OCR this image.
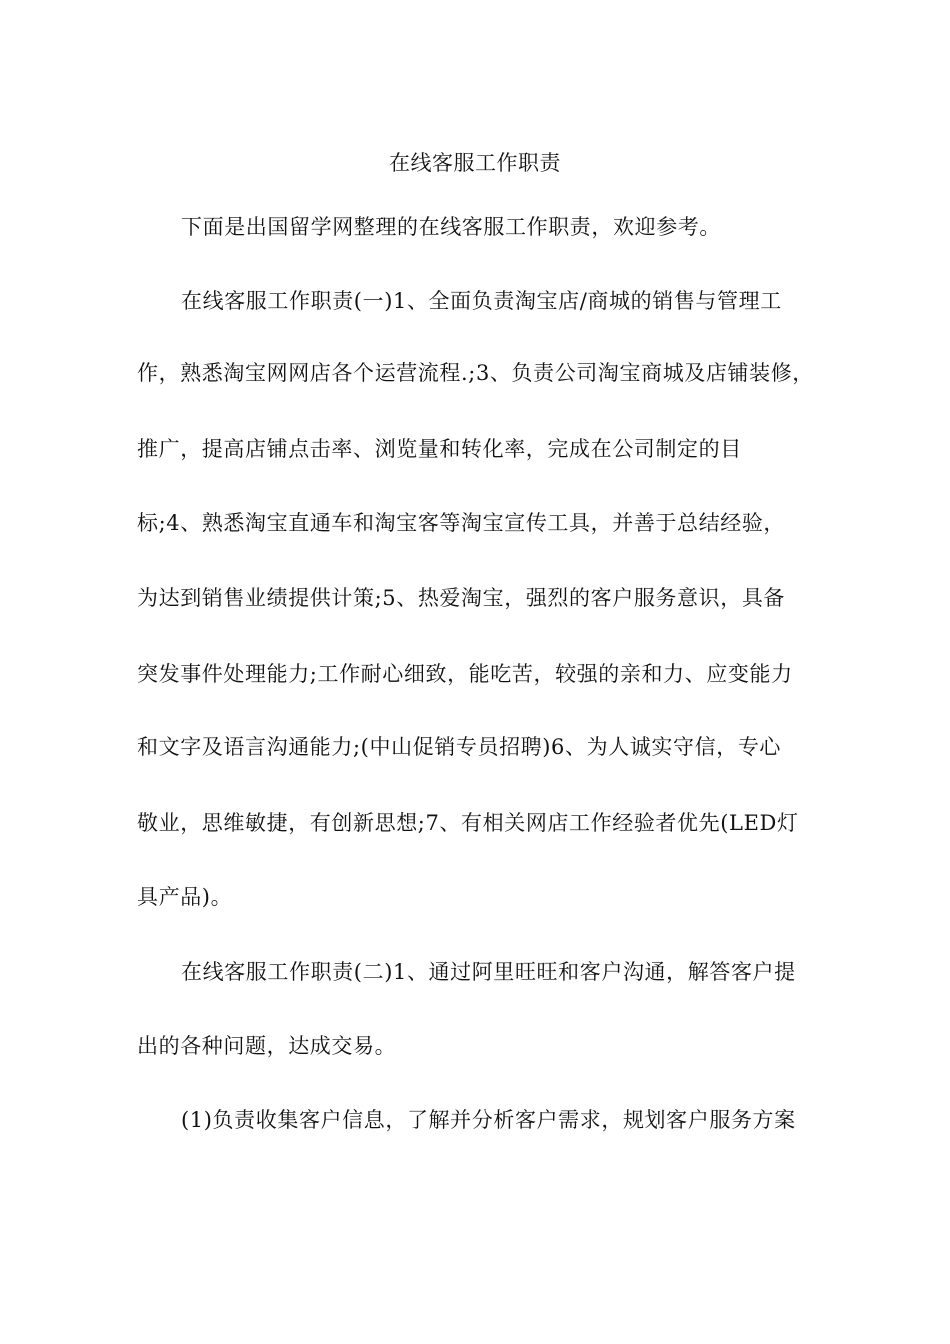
在线客服工作职责
下面是出国留学网整理的在线客服工作职责，欢迎参考。
在线客服工作职责(一)1、全面负责淘宝店/商城的销售与管理工
作，熟悉淘宝网网店各个运营流程.;3、负责公司淘宝商城及店铺装修，
推广，提高店铺点击率、浏览量和转化率，完成在公司制定的目
标;4、熟悉淘宝直通车和淘宝客等淘宝宣传工具，并善于总结经验，
为达到销售业绩提供计策;5、热爱淘宝，强烈的客户服务意识，具备
突发事件处理能力;工作耐心细致，能吃苦，较强的亲和力、应变能力
和文字及语言沟通能力;(中山促销专员招聘)6、为人诚实守信，专心
敬业，思维敏捷，有创新思想;7、有相关网店工作经验者优先(LED灯
具产品)。
在线客服工作职责(二)1、通过阿里旺旺和客户沟通，解答客户提
出的各种问题，达成交易。
(1)负责收集客户信息，了解并分析客户需求，规划客户服务方案
